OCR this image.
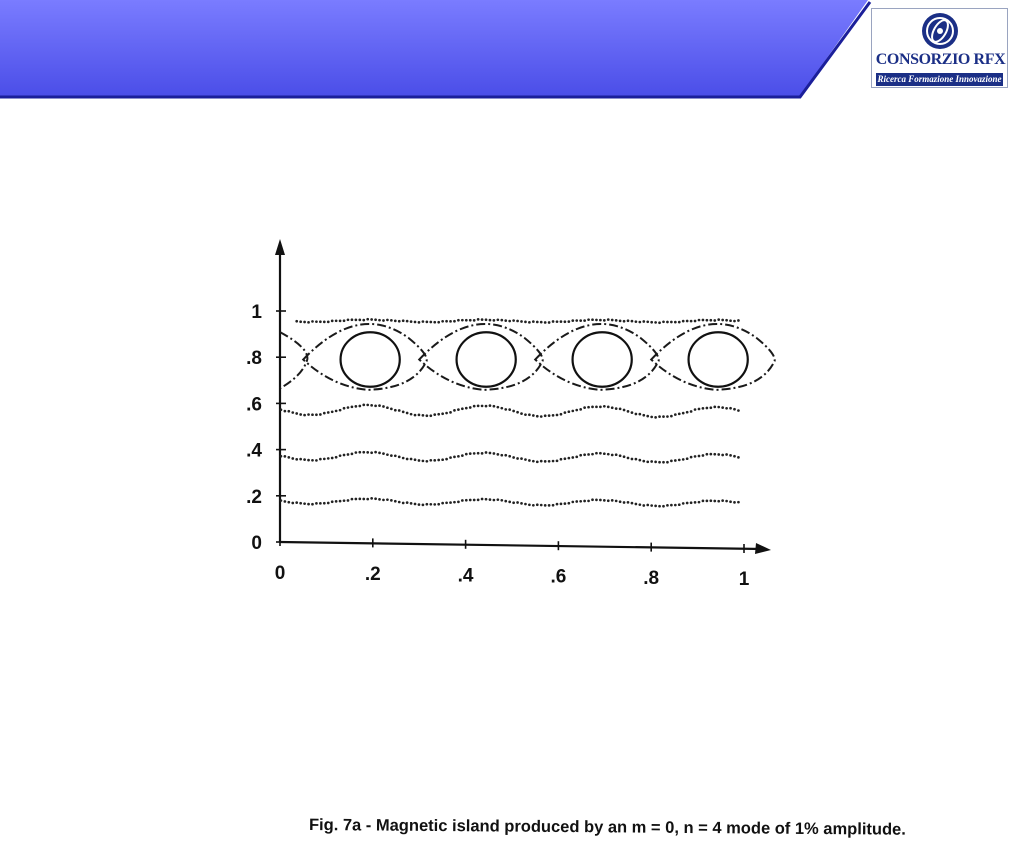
CONSORZIO RFX
Ricerca Formazione Innovazione
0
.2
.4
.6
.8
1
0	.2	.4	.6	.8	1
Fig. 7a - Magnetic island produced by an m = 0, n = 4 mode of 1% amplitude.
